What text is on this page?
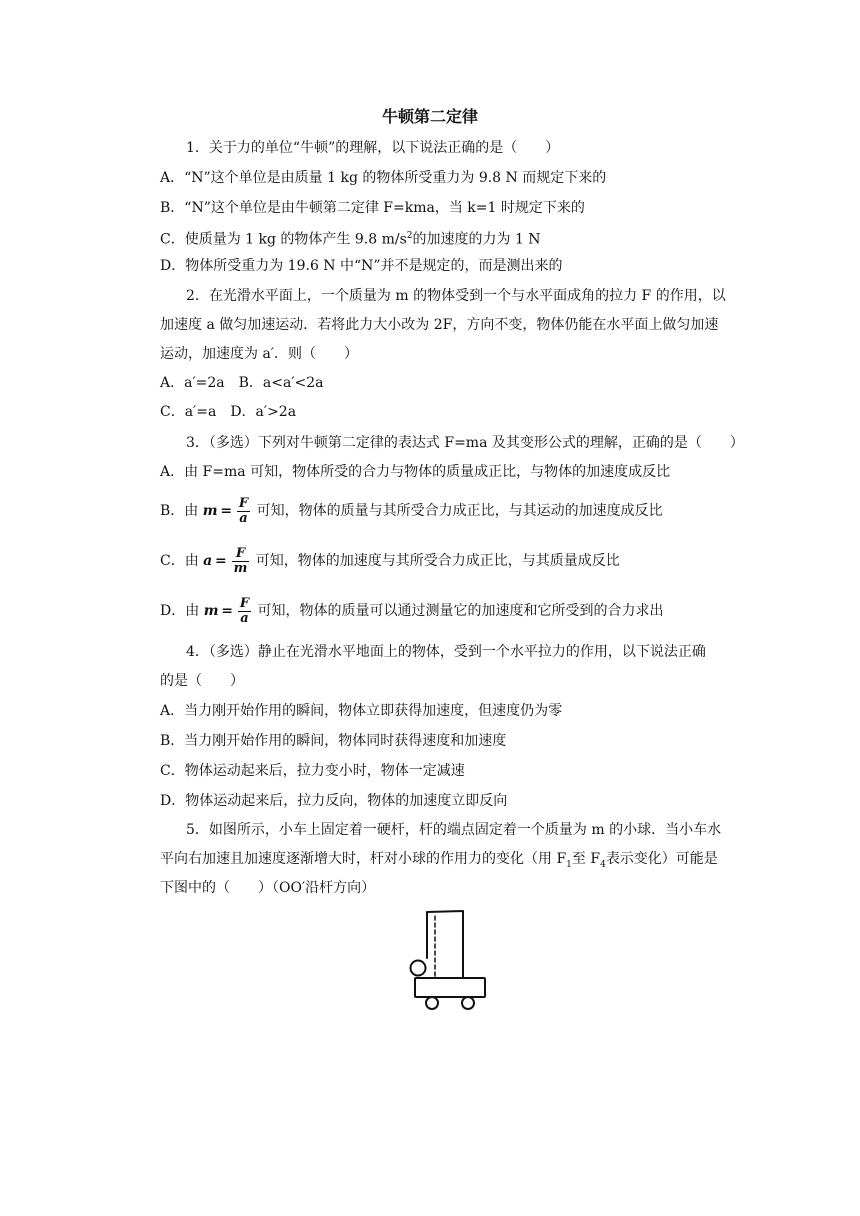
牛顿第二定律
1．关于力的单位“牛顿”的理解，以下说法正确的是（　　）
A．“N”这个单位是由质量 1 kg 的物体所受重力为 9.8 N 而规定下来的
B．“N”这个单位是由牛顿第二定律 F=kma，当 k=1 时规定下来的
C．使质量为 1 kg 的物体产生 9.8 $m/s^2$的加速度的力为 1 N
D．物体所受重力为 19.6 N 中“N”并不是规定的，而是测出来的
2．在光滑水平面上，一个质量为 m 的物体受到一个与水平面成角的拉力 F 的作用，以
加速度 a 做匀加速运动．若将此力大小改为 2F，方向不变，物体仍能在水平面上做匀加速
运动，加速度为 a′．则（　　）
A．a′=2a　B．a<a′<2a
C．a′=a　D．a′>2a
3．（多选）下列对牛顿第二定律的表达式 F=ma 及其变形公式的理解，正确的是（　　）
A．由 F=ma 可知，物体所受的合力与物体的质量成正比，与物体的加速度成反比
B．由 $m = \frac{F}{a}$ 可知，物体的质量与其所受合力成正比，与其运动的加速度成反比
C．由 $a = \frac{F}{m}$ 可知，物体的加速度与其所受合力成正比，与其质量成反比
D．由 $m = \frac{F}{a}$ 可知，物体的质量可以通过测量它的加速度和它所受到的合力求出
4．（多选）静止在光滑水平地面上的物体，受到一个水平拉力的作用，以下说法正确
的是（　　）
A．当力刚开始作用的瞬间，物体立即获得加速度，但速度仍为零
B．当力刚开始作用的瞬间，物体同时获得速度和加速度
C．物体运动起来后，拉力变小时，物体一定减速
D．物体运动起来后，拉力反向，物体的加速度立即反向
5．如图所示，小车上固定着一硬杆，杆的端点固定着一个质量为 m 的小球．当小车水
平向右加速且加速度逐渐增大时，杆对小球的作用力的变化（用 $F_1$至 $F_4$表示变化）可能是
下图中的（　　）（OO′沿杆方向）
